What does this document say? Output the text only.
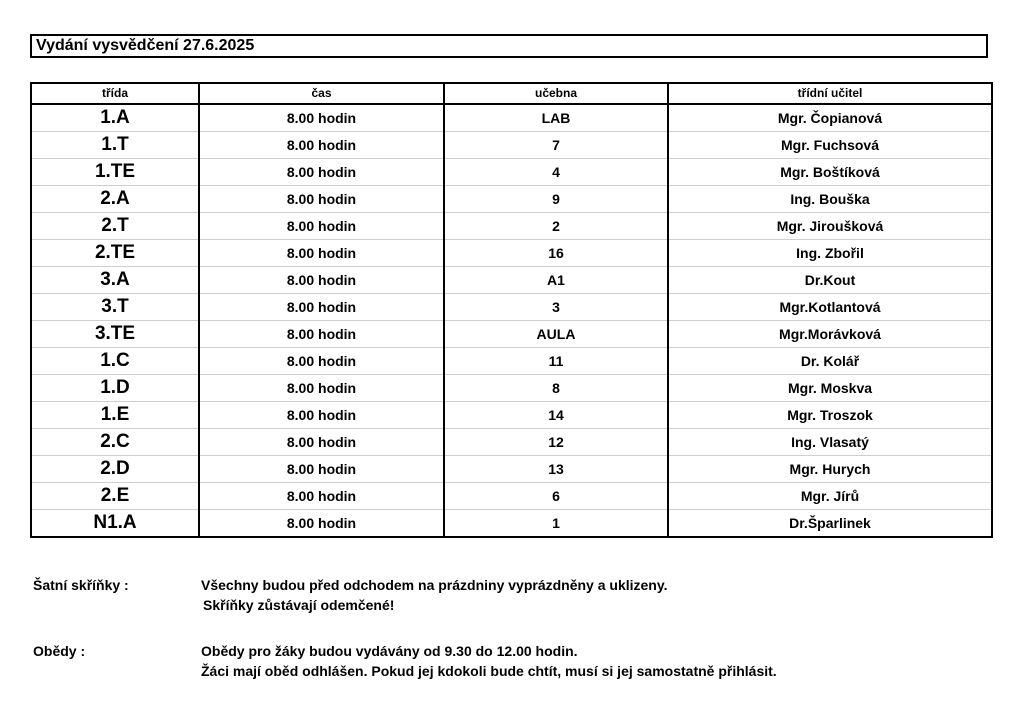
Vydání vysvědčení 27.6.2025
třída	čas	učebna	třídní učitel
1.A	8.00 hodin	LAB	Mgr. Čopianová
1.T	8.00 hodin	7	Mgr. Fuchsová
1.TE	8.00 hodin	4	Mgr. Boštíková
2.A	8.00 hodin	9	Ing. Bouška
2.T	8.00 hodin	2	Mgr. Jiroušková
2.TE	8.00 hodin	16	Ing. Zbořil
3.A	8.00 hodin	A1	Dr.Kout
3.T	8.00 hodin	3	Mgr.Kotlantová
3.TE	8.00 hodin	AULA	Mgr.Morávková
1.C	8.00 hodin	11	Dr. Kolář
1.D	8.00 hodin	8	Mgr. Moskva
1.E	8.00 hodin	14	Mgr. Troszok
2.C	8.00 hodin	12	Ing. Vlasatý
2.D	8.00 hodin	13	Mgr. Hurych
2.E	8.00 hodin	6	Mgr. Jírů
N1.A	8.00 hodin	1	Dr.Šparlinek
Šatní skříňky :	Všechny budou před odchodem na prázdniny vyprázdněny a uklizeny.
Skříňky zůstávají odemčené!
Obědy :	Obědy pro žáky budou vydávány od 9.30 do 12.00 hodin.
Žáci mají oběd odhlášen. Pokud jej kdokoli bude chtít, musí si jej samostatně přihlásit.
